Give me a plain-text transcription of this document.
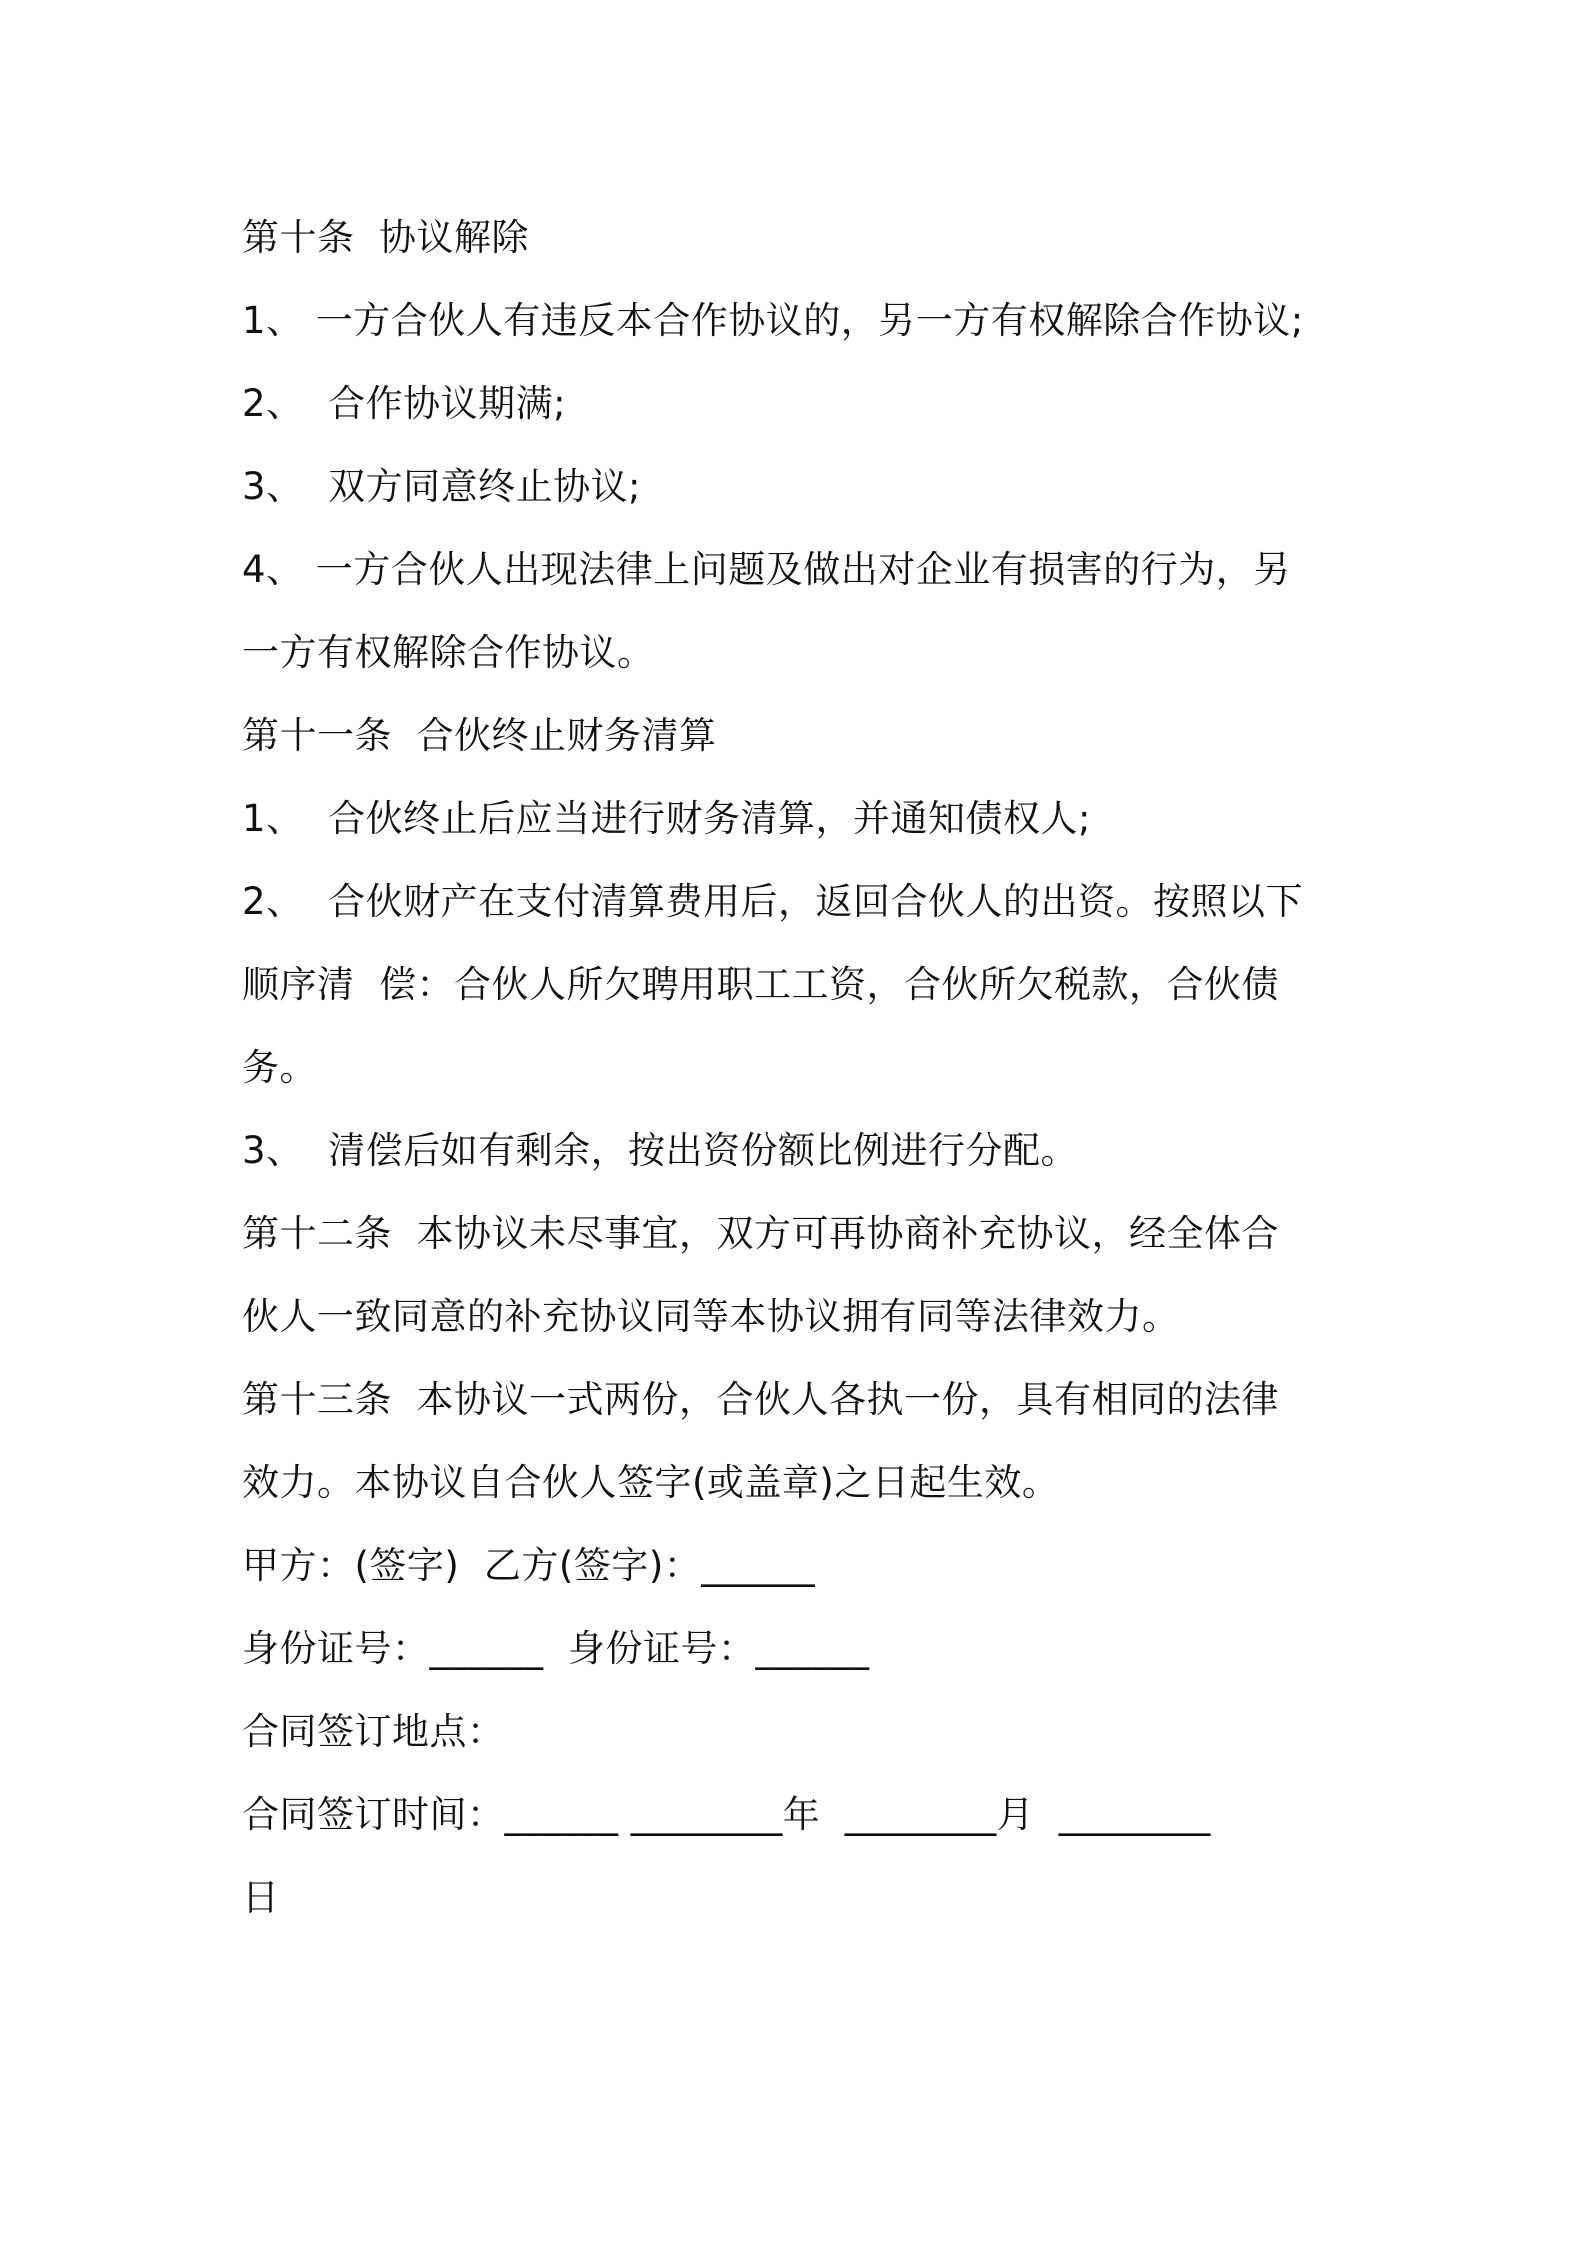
第十条  协议解除
1、 一方合伙人有违反本合作协议的，另一方有权解除合作协议;
2、  合作协议期满;
3、  双方同意终止协议;
4、 一方合伙人出现法律上问题及做出对企业有损害的行为，另
一方有权解除合作协议。
第十一条  合伙终止财务清算
1、  合伙终止后应当进行财务清算，并通知债权人;
2、  合伙财产在支付清算费用后，返回合伙人的出资。按照以下
顺序清  偿：合伙人所欠聘用职工工资，合伙所欠税款，合伙债
务。
3、  清偿后如有剩余，按出资份额比例进行分配。
第十二条  本协议未尽事宜，双方可再协商补充协议，经全体合
伙人一致同意的补充协议同等本协议拥有同等法律效力。
第十三条  本协议一式两份，合伙人各执一份，具有相同的法律
效力。本协议自合伙人签字(或盖章)之日起生效。
甲方：(签字)  乙方(签字)：______
身份证号：______  身份证号：______
合同签订地点：
合同签订时间：______ ________年  ________月  ________
日
